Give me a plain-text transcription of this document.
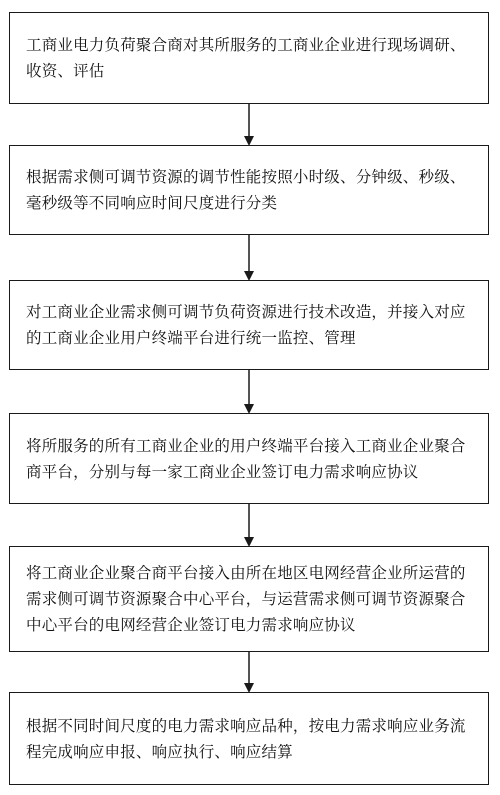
工商业电力负荷聚合商对其所服务的工商业企业进行现场调研、收资、评估
根据需求侧可调节资源的调节性能按照小时级、分钟级、秒级、毫秒级等不同响应时间尺度进行分类
对工商业企业需求侧可调节负荷资源进行技术改造，并接入对应的工商业企业用户终端平台进行统一监控、管理
将所服务的所有工商业企业的用户终端平台接入工商业企业聚合商平台，分别与每一家工商业企业签订电力需求响应协议
将工商业企业聚合商平台接入由所在地区电网经营企业所运营的需求侧可调节资源聚合中心平台，与运营需求侧可调节资源聚合中心平台的电网经营企业签订电力需求响应协议
根据不同时间尺度的电力需求响应品种，按电力需求响应业务流程完成响应申报、响应执行、响应结算
